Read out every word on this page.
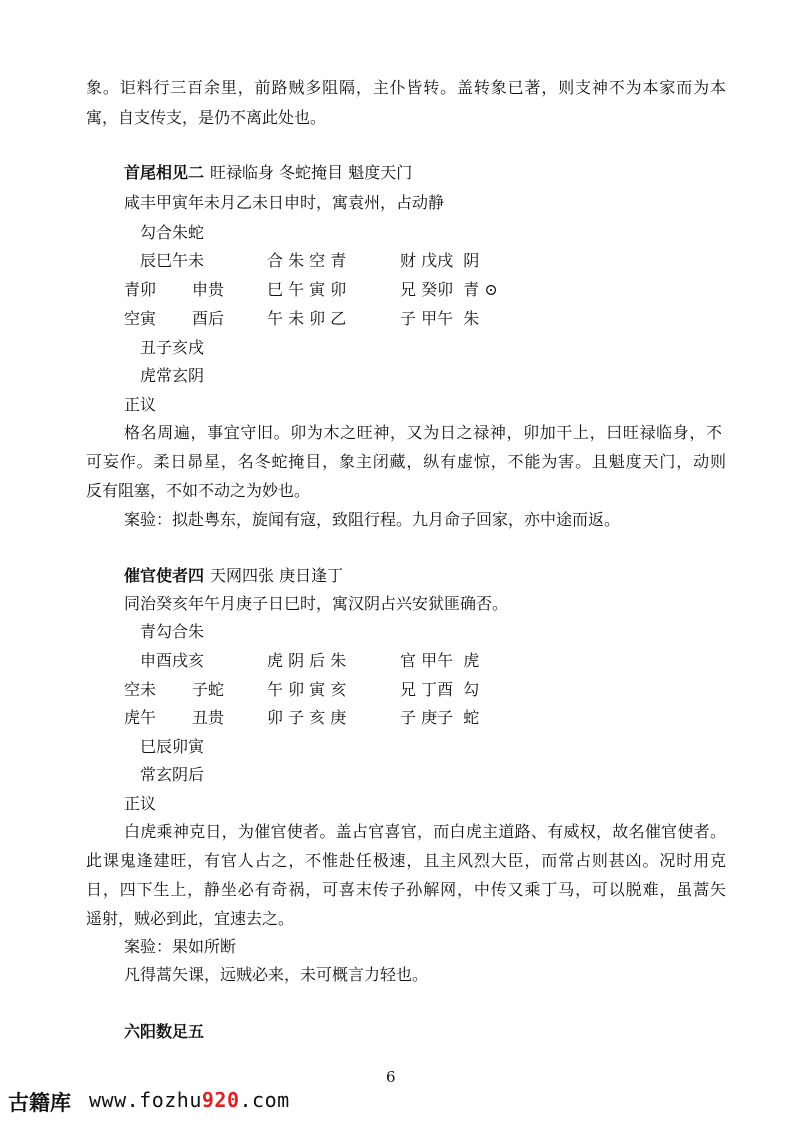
象。讵料行三百余里，前路贼多阻隔，主仆皆转。盖转象已著，则支神不为本家而为本
寓，自支传支，是仍不离此处也。
首尾相见二 旺禄临身 冬蛇掩目 魁度天门
咸丰甲寅年未月乙未日申时，寓袁州，占动静
勾合朱蛇
辰巳午未
青卯 申贵
空寅 酉后
丑子亥戌
虎常玄阴
合 朱 空 青
巳 午 寅 卯
午 未 卯 乙
财 戊戌  阴
兄 癸卯  青 ⊙
子 甲午  朱
正议
格名周遍，事宜守旧。卯为木之旺神，又为日之禄神，卯加干上，曰旺禄临身，不
可妄作。柔日昴星，名冬蛇掩目，象主闭藏，纵有虚惊，不能为害。且魁度天门，动则
反有阻塞，不如不动之为妙也。
案验：拟赴粤东，旋闻有寇，致阻行程。九月命子回家，亦中途而返。
催官使者四 天网四张 庚日逢丁
同治癸亥年午月庚子日巳时，寓汉阴占兴安狱匪确否。
青勾合朱
申酉戌亥
空未 子蛇
虎午 丑贵
巳辰卯寅
常玄阴后
虎 阴 后 朱
午 卯 寅 亥
卯 子 亥 庚
官 甲午  虎
兄 丁酉  勾
子 庚子  蛇
正议
白虎乘神克日，为催官使者。盖占官喜官，而白虎主道路、有威权，故名催官使者。
此课鬼逢建旺，有官人占之，不惟赴任极速，且主风烈大臣，而常占则甚凶。况时用克
日，四下生上，静坐必有奇祸，可喜末传子孙解网，中传又乘丁马，可以脱难，虽蒿矢
遥射，贼必到此，宜速去之。
案验：果如所断
凡得蒿矢课，远贼必来，未可概言力轻也。
六阳数足五
6
古籍库 www.fozhu920.com
